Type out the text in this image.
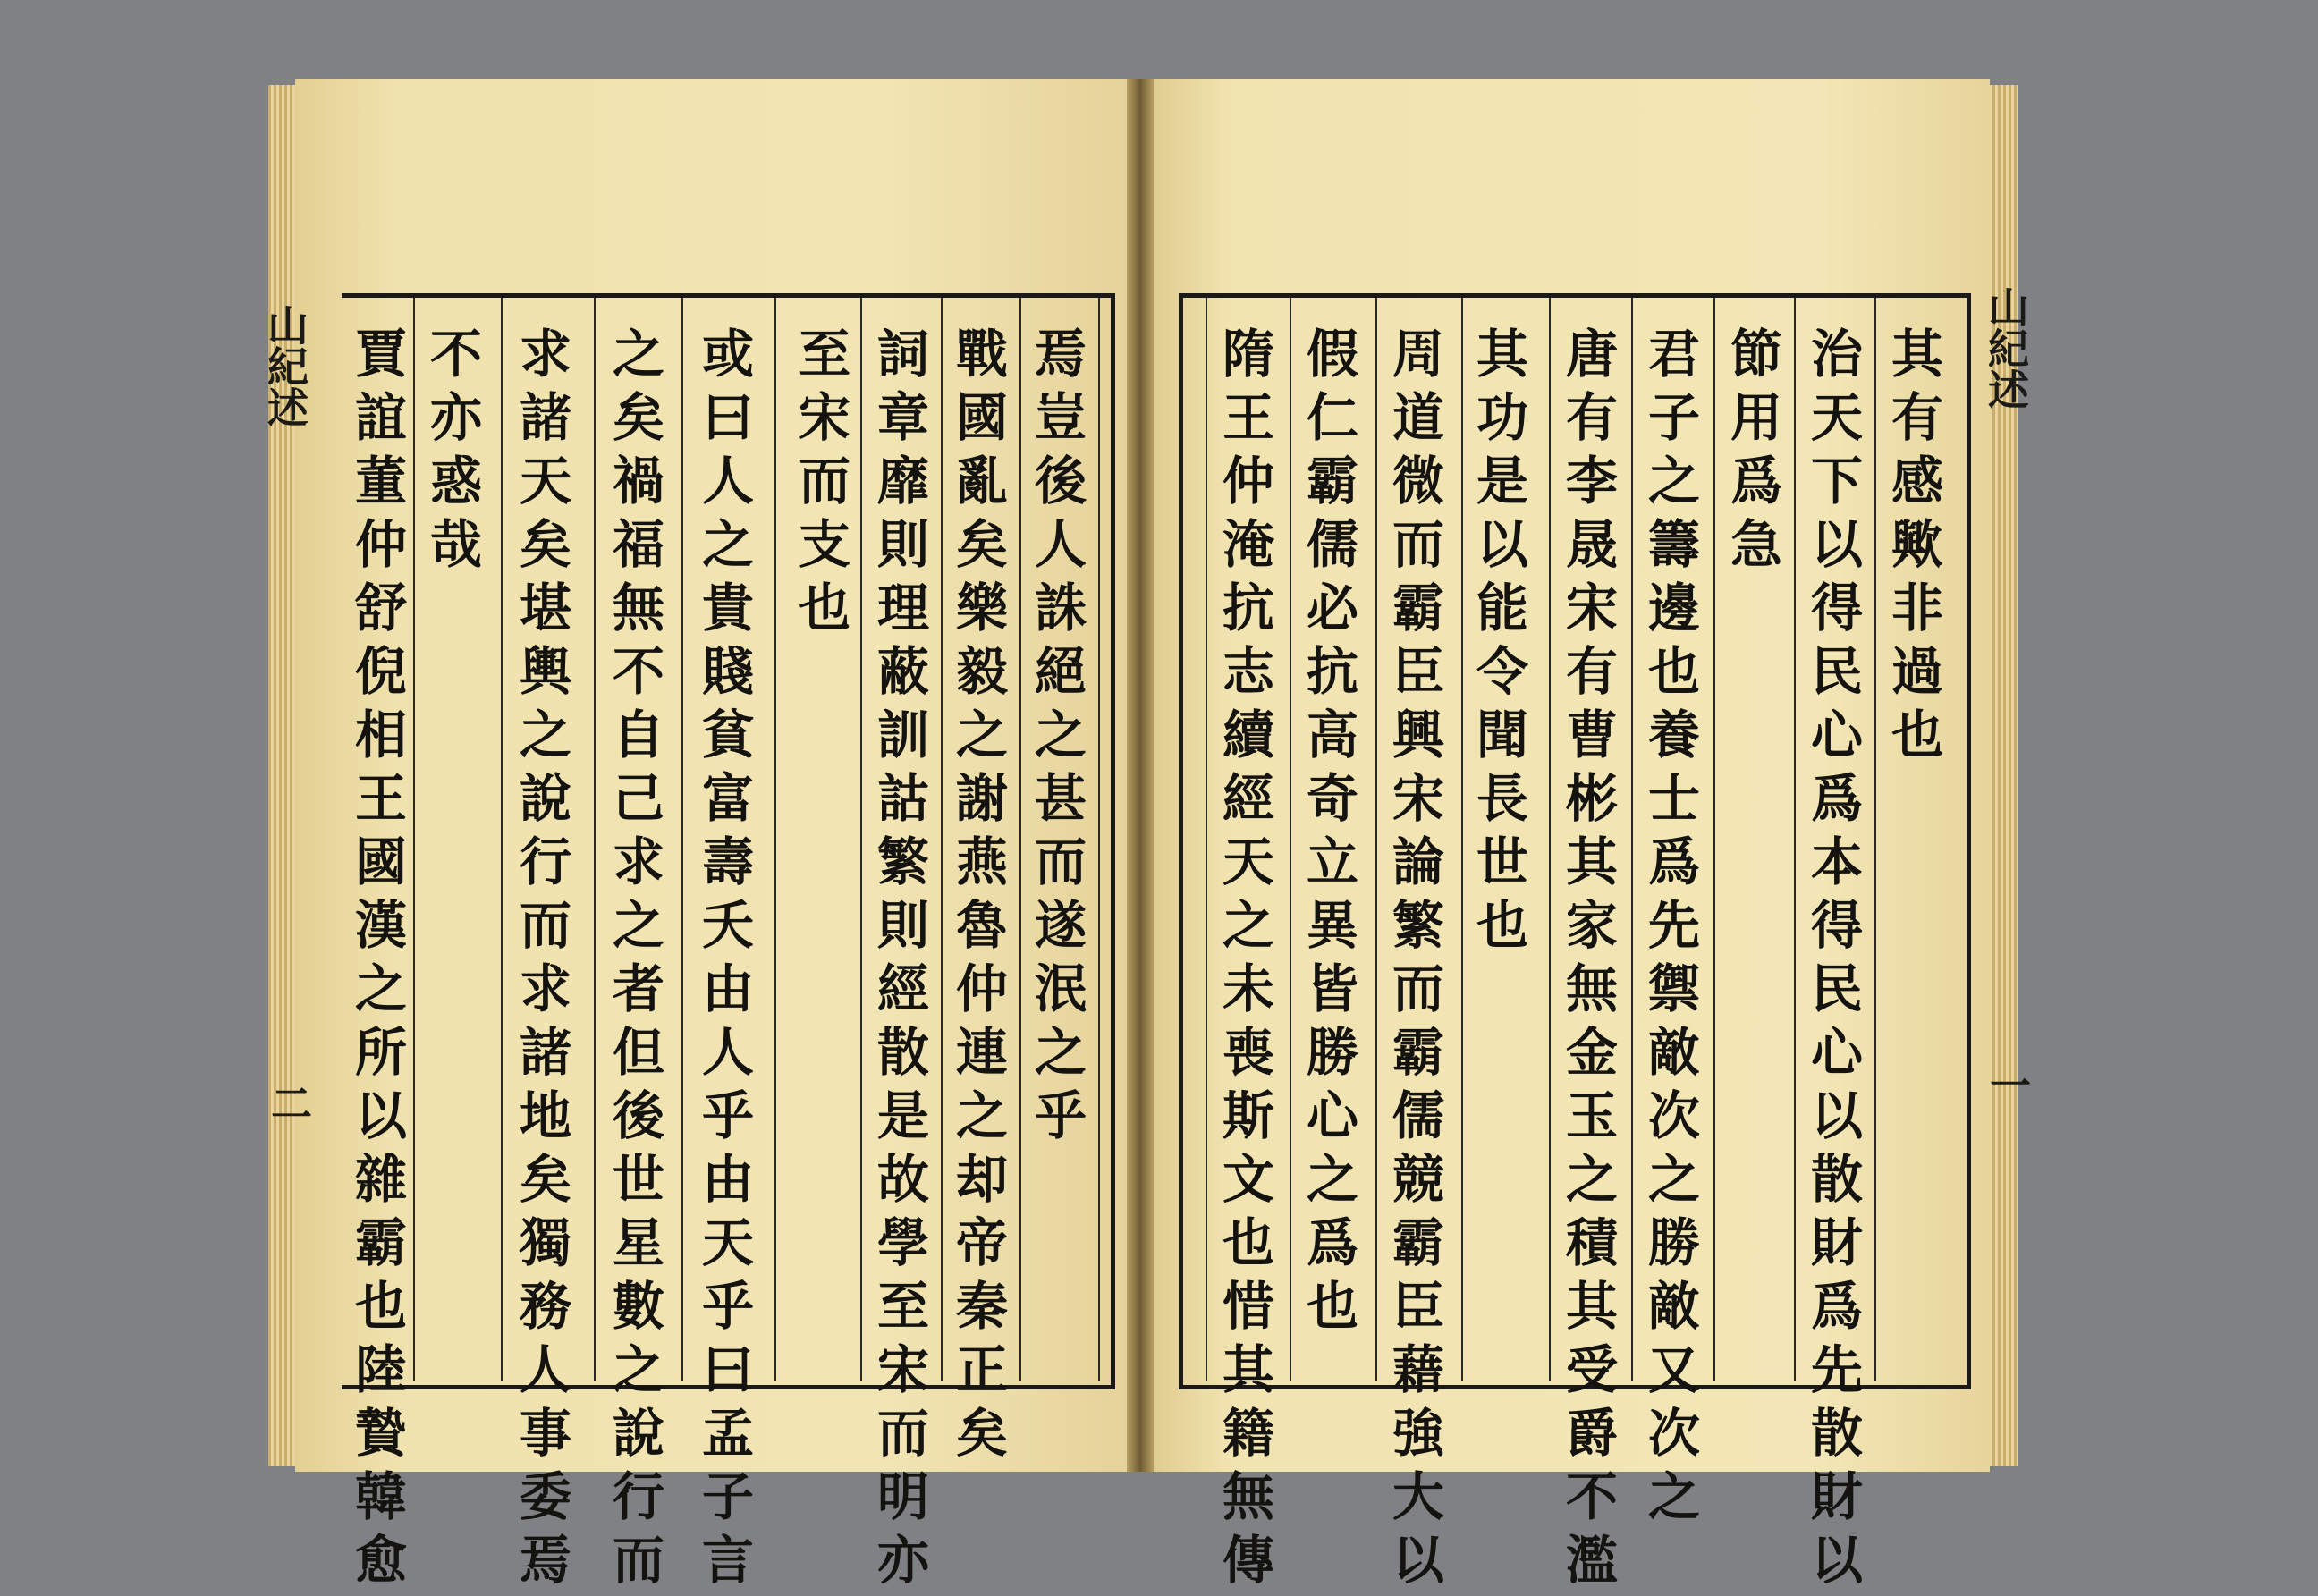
山紀述
二
山紀述
一
焉豈後人誅絕之甚而遂泯之乎
戰國亂矣樂毅之謝燕魯仲連之却帝秦正矣
詞章靡則理蔽訓詁繁則經散是故學至宋而明亦
至宋而支也
或曰人之貴賤貧富壽夭由人乎由天乎曰孟子言
之矣禍福無不自己求之者但後世星數之說行而
求諸天矣堪輿之說行而求諸地矣獨務人事委焉
不亦惑哉
賈誼董仲舒倪相王國漢之所以雜霸也陸贄韓愈	其有感歟非過也
治天下以得民心爲本得民心以散財爲先散財以
節用爲急
君子之籌邊也養士爲先禦敵次之勝敵又次之
唐有李晟宋有曹彬其家無金玉之積其受爵不濫
其功是以能令聞長世也
周道微而霸臣興宋論繁而霸儒競霸臣藉強大以
假仁霸儒必抗高奇立異皆勝心之爲也
隋王仲淹抗志續經天之未喪斯文也惜其籍無傳
